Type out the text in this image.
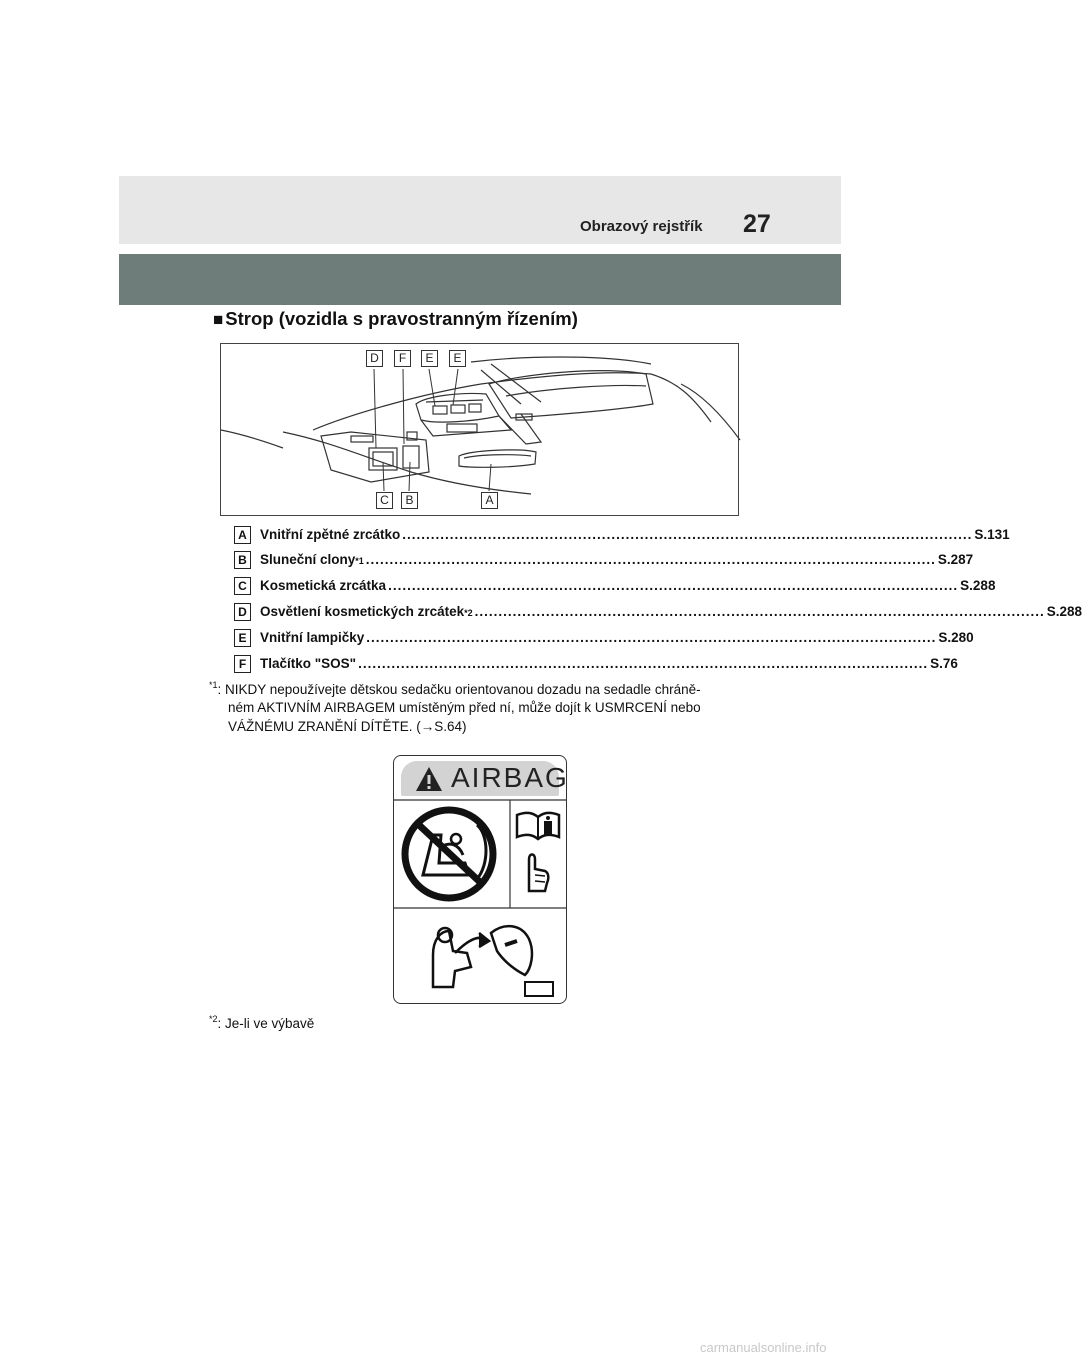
Obrazový rejstřík 27
■ Strop (vozidla s pravostranným řízením)
D	F	E	E
C	B	A
A Vnitřní zpětné zrcátko ........................................................................................................................ S.131
B Sluneční clony *1 ........................................................................................................................ S.287
C Kosmetická zrcátka ........................................................................................................................ S.288
D Osvětlení kosmetických zrcátek *2 ........................................................................................................................ S.288
E	Vnitřní lampičky ........................................................................................................................ S.280
F	Tlačítko "SOS" ........................................................................................................................ S.76
$^{*1}$: NIKDY nepoužívejte dětskou sedačku orientovanou dozadu na sedadle chráně-
ném AKTIVNÍM AIRBAGEM umístěným před ní, může dojít k USMRCENÍ nebo
VÁŽNÉMU ZRANĚNÍ DÍTĚTE. (→S.64)
AIRBAG
$^{*2}$: Je-li ve výbavě
carmanualsonline.info
